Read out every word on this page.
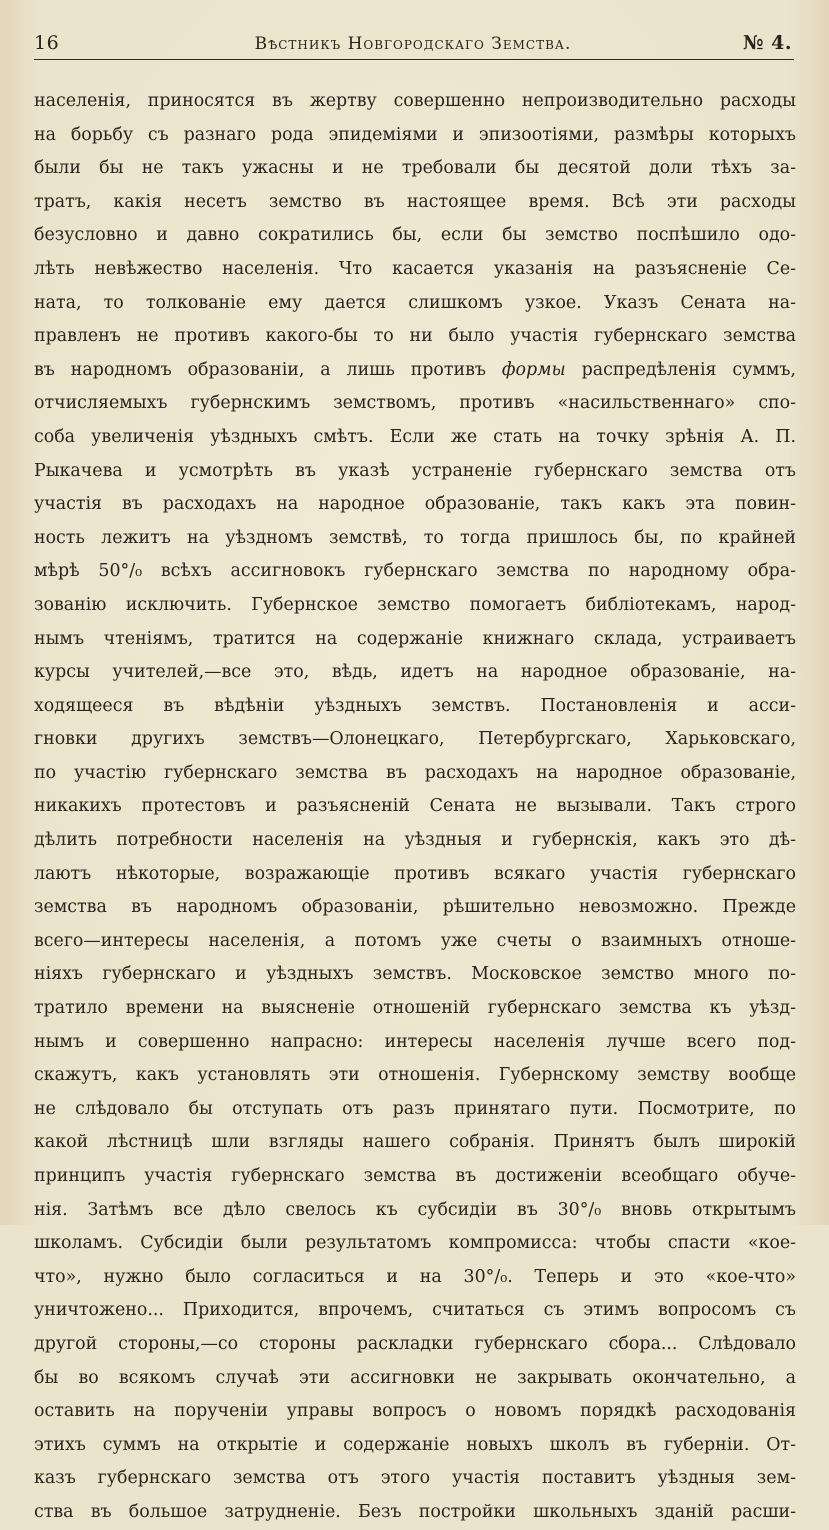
16	Вѣстникъ Новгородскаго Земства.	№ 4.
населенія, приносятся въ жертву совершенно непроизводительно расходы
на борьбу съ разнаго рода эпидеміями и эпизоотіями, размѣры которыхъ
были бы не такъ ужасны и не требовали бы десятой доли тѣхъ за-
тратъ, какія несетъ земство въ настоящее время. Всѣ эти расходы
безусловно и давно сократились бы, если бы земство поспѣшило одо-
лѣть невѣжество населенія. Что касается указанія на разъясненіе Се-
ната, то толкованіе ему дается слишкомъ узкое. Указъ Сената на-
правленъ не противъ какого-бы то ни было участія губернскаго земства
въ народномъ образованіи, а лишь противъ формы распредѣленія суммъ,
отчисляемыхъ губернскимъ земствомъ, противъ «насильственнаго» спо-
соба увеличенія уѣздныхъ смѣтъ. Если же стать на точку зрѣнія А. П.
Рыкачева и усмотрѣть въ указѣ устраненіе губернскаго земства отъ
участія въ расходахъ на народное образованіе, такъ какъ эта повин-
ность лежитъ на уѣздномъ земствѣ, то тогда пришлось бы, по крайней
мѣрѣ 50°/₀ всѣхъ ассигновокъ губернскаго земства по народному обра-
зованію исключить. Губернское земство помогаетъ библіотекамъ, народ-
нымъ чтеніямъ, тратится на содержаніе книжнаго склада, устраиваетъ
курсы учителей,—все это, вѣдь, идетъ на народное образованіе, на-
ходящееся въ вѣдѣніи уѣздныхъ земствъ. Постановленія и асси-
гновки другихъ земствъ—Олонецкаго, Петербургскаго, Харьковскаго,
по участію губернскаго земства въ расходахъ на народное образованіе,
никакихъ протестовъ и разъясненій Сената не вызывали. Такъ строго
дѣлить потребности населенія на уѣздныя и губернскія, какъ это дѣ-
лаютъ нѣкоторые, возражающіе противъ всякаго участія губернскаго
земства въ народномъ образованіи, рѣшительно невозможно. Прежде
всего—интересы населенія, а потомъ уже счеты о взаимныхъ отноше-
ніяхъ губернскаго и уѣздныхъ земствъ. Московское земство много по-
тратило времени на выясненіе отношеній губернскаго земства къ уѣзд-
нымъ и совершенно напрасно: интересы населенія лучше всего под-
скажутъ, какъ установлять эти отношенія. Губернскому земству вообще
не слѣдовало бы отступать отъ разъ принятаго пути. Посмотрите, по
какой лѣстницѣ шли взгляды нашего собранія. Принятъ былъ широкій
принципъ участія губернскаго земства въ достиженіи всеобщаго обуче-
нія. Затѣмъ все дѣло свелось къ субсидіи въ 30°/₀ вновь открытымъ
школамъ. Субсидіи были результатомъ компромисса: чтобы спасти «кое-
что», нужно было согласиться и на 30°/₀. Теперь и это «кое-что»
уничтожено... Приходится, впрочемъ, считаться съ этимъ вопросомъ съ
другой стороны,—со стороны раскладки губернскаго сбора... Слѣдовало
бы во всякомъ случаѣ эти ассигновки не закрывать окончательно, а
оставить на порученіи управы вопросъ о новомъ порядкѣ расходованія
этихъ суммъ на открытіе и содержаніе новыхъ школъ въ губерніи. От-
казъ губернскаго земства отъ этого участія поставитъ уѣздныя зем-
ства въ большое затрудненіе. Безъ постройки школьныхъ зданій расши-
